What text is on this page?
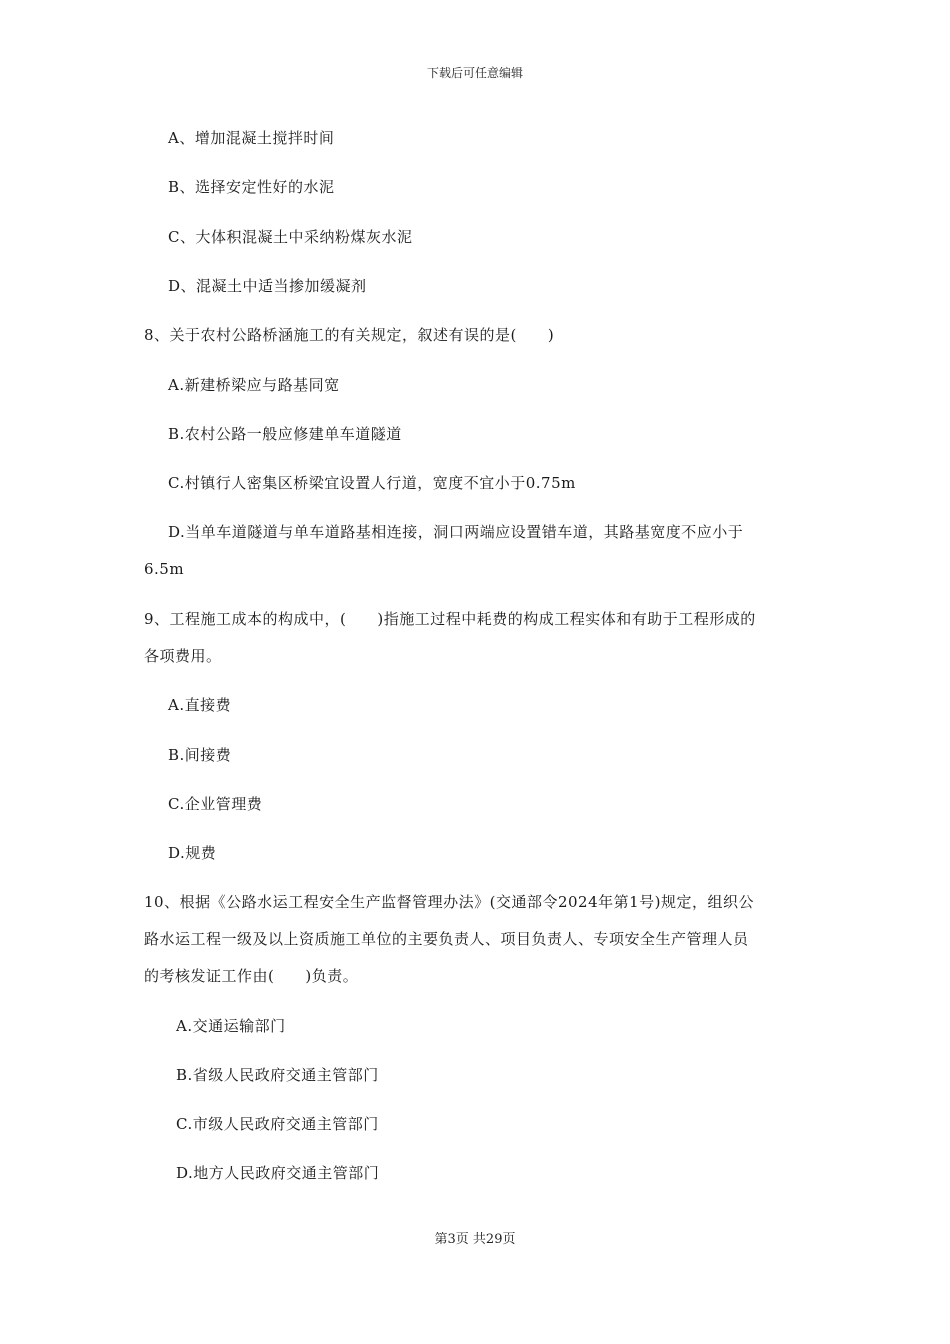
下载后可任意编辑
A、增加混凝土搅拌时间
B、选择安定性好的水泥
C、大体积混凝土中采纳粉煤灰水泥
D、混凝土中适当掺加缓凝剂
8、关于农村公路桥涵施工的有关规定，叙述有误的是(　　)
A.新建桥梁应与路基同宽
B.农村公路一般应修建单车道隧道
C.村镇行人密集区桥梁宜设置人行道，宽度不宜小于0.75m
D.当单车道隧道与单车道路基相连接，洞口两端应设置错车道，其路基宽度不应小于
6.5m
9、工程施工成本的构成中，(　　)指施工过程中耗费的构成工程实体和有助于工程形成的
各项费用。
A.直接费
B.间接费
C.企业管理费
D.规费
10、根据《公路水运工程安全生产监督管理办法》(交通部令2024年第1号)规定，组织公
路水运工程一级及以上资质施工单位的主要负责人、项目负责人、专项安全生产管理人员
的考核发证工作由(　　)负责。
A.交通运输部门
B.省级人民政府交通主管部门
C.市级人民政府交通主管部门
D.地方人民政府交通主管部门
第3页 共29页
